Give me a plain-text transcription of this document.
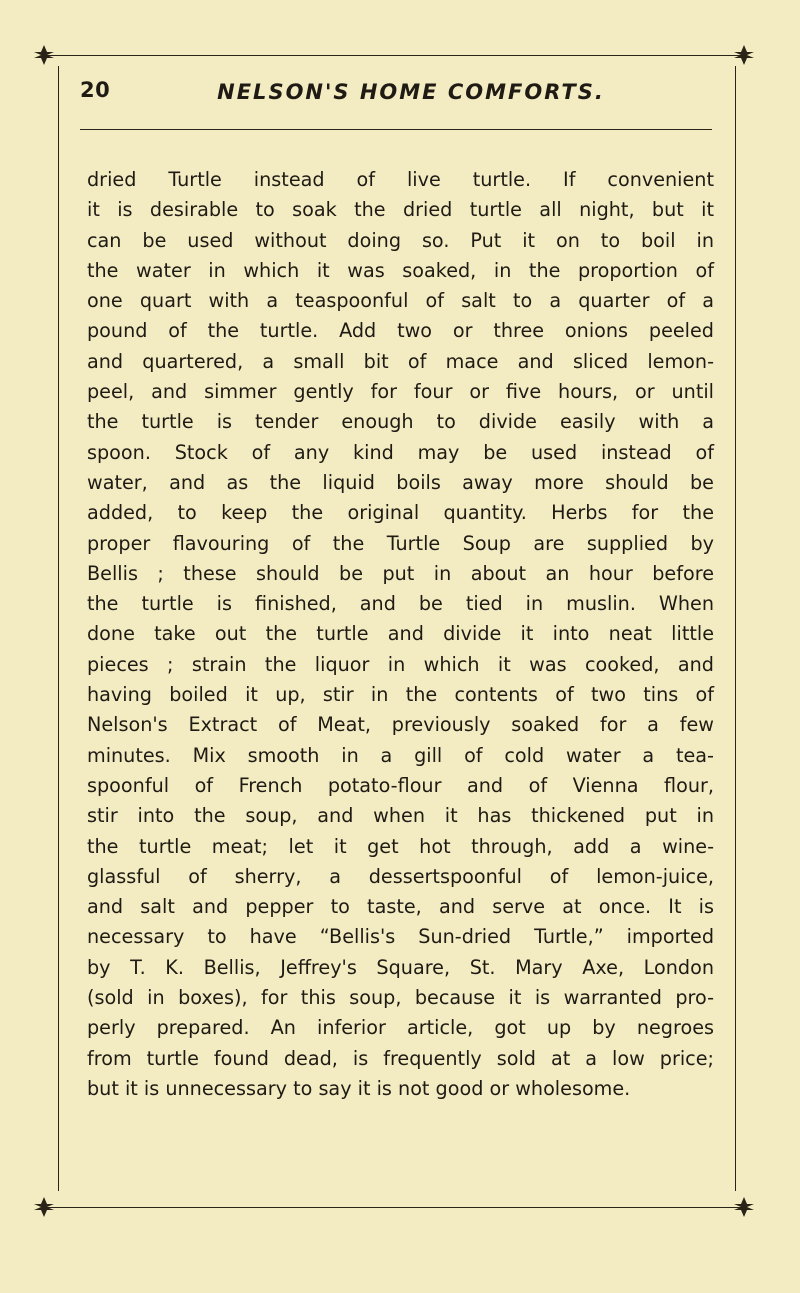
20	NELSON'S HOME COMFORTS.
dried Turtle instead of live turtle. If convenient
it is desirable to soak the dried turtle all night, but it
can be used without doing so. Put it on to boil in
the water in which it was soaked, in the proportion of
one quart with a teaspoonful of salt to a quarter of a
pound of the turtle. Add two or three onions peeled
and quartered, a small bit of mace and sliced lemon-
peel, and simmer gently for four or five hours, or until
the turtle is tender enough to divide easily with a
spoon. Stock of any kind may be used instead of
water, and as the liquid boils away more should be
added, to keep the original quantity. Herbs for the
proper flavouring of the Turtle Soup are supplied by
Bellis ; these should be put in about an hour before
the turtle is finished, and be tied in muslin. When
done take out the turtle and divide it into neat little
pieces ; strain the liquor in which it was cooked, and
having boiled it up, stir in the contents of two tins of
Nelson's Extract of Meat, previously soaked for a few
minutes. Mix smooth in a gill of cold water a tea-
spoonful of French potato-flour and of Vienna flour,
stir into the soup, and when it has thickened put in
the turtle meat; let it get hot through, add a wine-
glassful of sherry, a dessertspoonful of lemon-juice,
and salt and pepper to taste, and serve at once. It is
necessary to have “Bellis's Sun-dried Turtle,” imported
by T. K. Bellis, Jeffrey's Square, St. Mary Axe, London
(sold in boxes), for this soup, because it is warranted pro-
perly prepared. An inferior article, got up by negroes
from turtle found dead, is frequently sold at a low price;
but it is unnecessary to say it is not good or wholesome.
